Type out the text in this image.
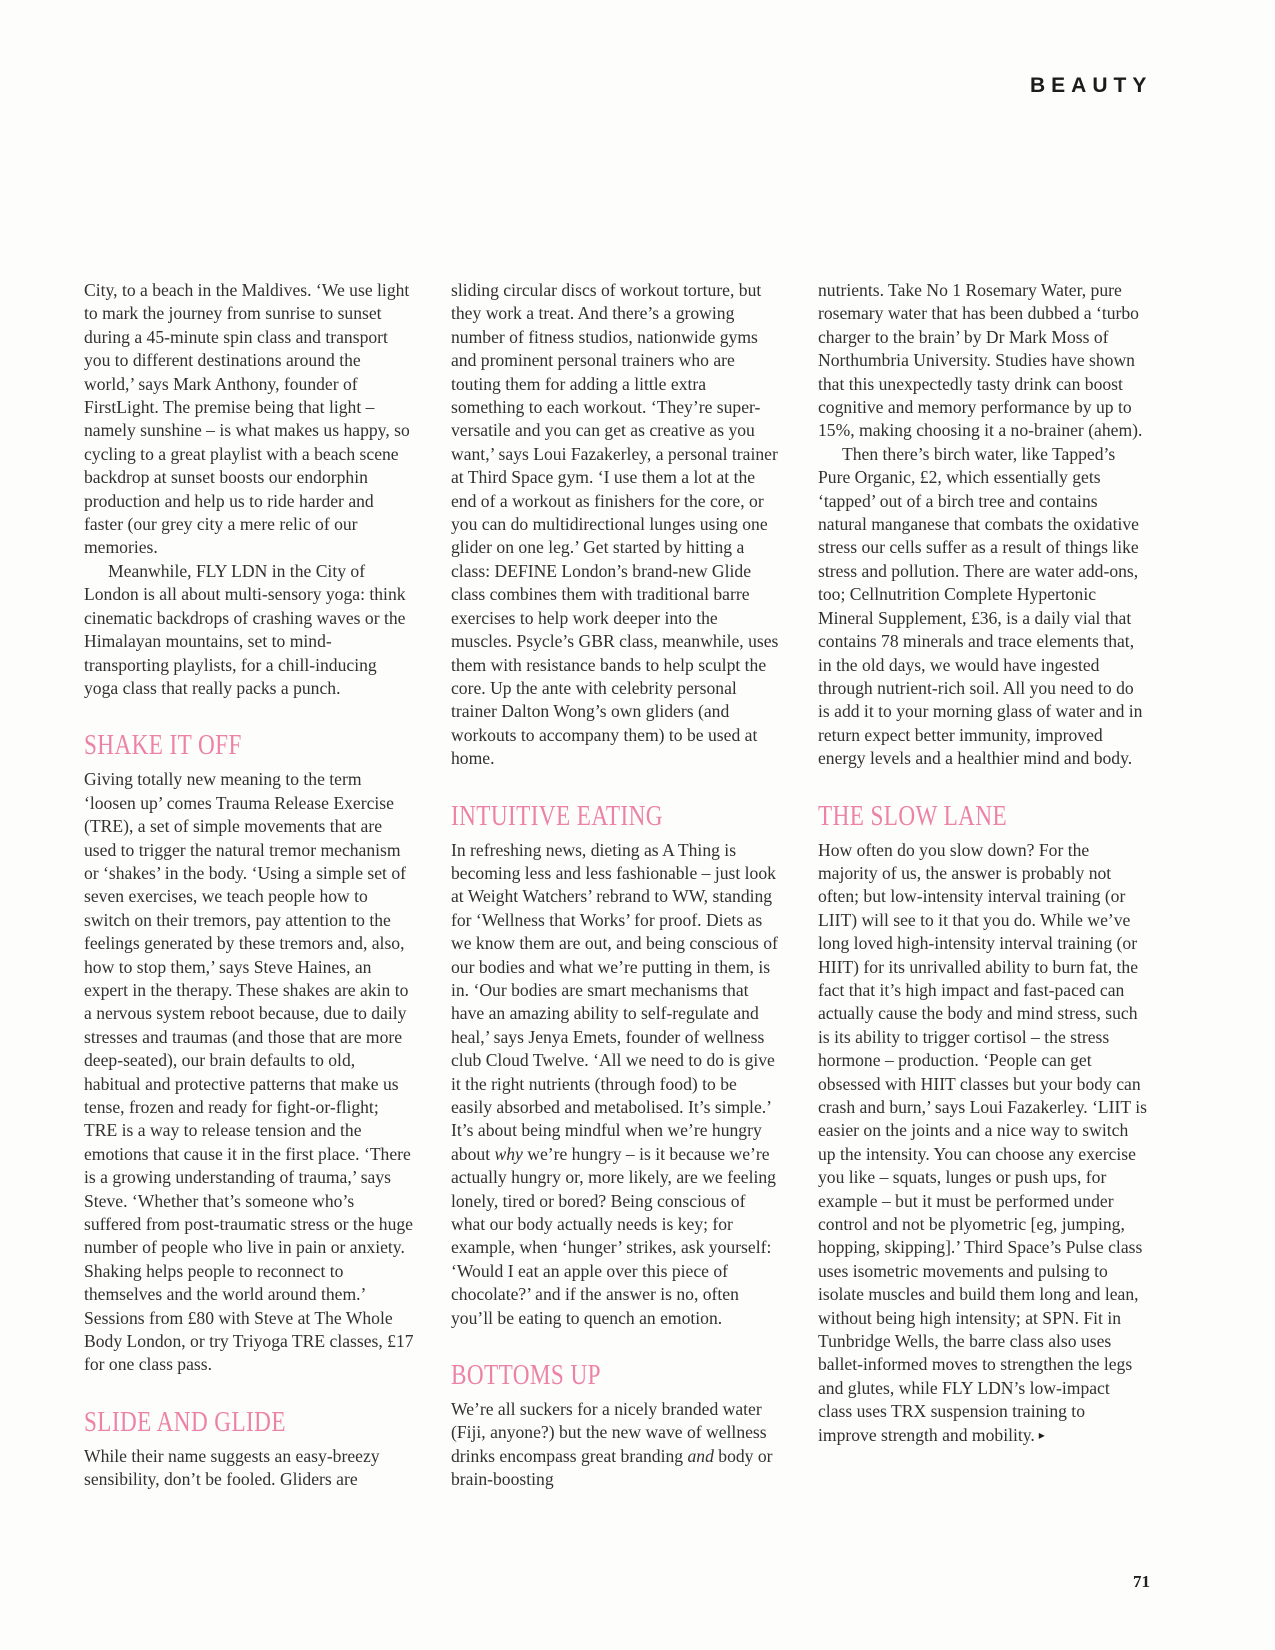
BEAUTY

City, to a beach in the Maldives. ‘We use light to mark the journey from sunrise to sunset during a 45-minute spin class and transport you to different destinations around the world,’ says Mark Anthony, founder of FirstLight. The premise being that light – namely sunshine – is what makes us happy, so cycling to a great playlist with a beach scene backdrop at sunset boosts our endorphin production and help us to ride harder and faster (our grey city a mere relic of our memories.

Meanwhile, FLY LDN in the City of London is all about multi-sensory yoga: think cinematic backdrops of crashing waves or the Himalayan mountains, set to mind-transporting playlists, for a chill-inducing yoga class that really packs a punch.

SHAKE IT OFF

Giving totally new meaning to the term ‘loosen up’ comes Trauma Release Exercise (TRE), a set of simple movements that are used to trigger the natural tremor mechanism or ‘shakes’ in the body. ‘Using a simple set of seven exercises, we teach people how to switch on their tremors, pay attention to the feelings generated by these tremors and, also, how to stop them,’ says Steve Haines, an expert in the therapy. These shakes are akin to a nervous system reboot because, due to daily stresses and traumas (and those that are more deep-seated), our brain defaults to old, habitual and protective patterns that make us tense, frozen and ready for fight-or-flight; TRE is a way to release tension and the emotions that cause it in the first place. ‘There is a growing understanding of trauma,’ says Steve. ‘Whether that’s someone who’s suffered from post-traumatic stress or the huge number of people who live in pain or anxiety. Shaking helps people to reconnect to themselves and the world around them.’ Sessions from £80 with Steve at The Whole Body London, or try Triyoga TRE classes, £17 for one class pass.

SLIDE AND GLIDE

While their name suggests an easy-breezy sensibility, don’t be fooled. Gliders are

sliding circular discs of workout torture, but they work a treat. And there’s a growing number of fitness studios, nationwide gyms and prominent personal trainers who are touting them for adding a little extra something to each workout. ‘They’re super-versatile and you can get as creative as you want,’ says Loui Fazakerley, a personal trainer at Third Space gym. ‘I use them a lot at the end of a workout as finishers for the core, or you can do multidirectional lunges using one glider on one leg.’ Get started by hitting a class: DEFINE London’s brand-new Glide class combines them with traditional barre exercises to help work deeper into the muscles. Psycle’s GBR class, meanwhile, uses them with resistance bands to help sculpt the core. Up the ante with celebrity personal trainer Dalton Wong’s own gliders (and workouts to accompany them) to be used at home.

INTUITIVE EATING

In refreshing news, dieting as A Thing is becoming less and less fashionable – just look at Weight Watchers’ rebrand to WW, standing for ‘Wellness that Works’ for proof. Diets as we know them are out, and being conscious of our bodies and what we’re putting in them, is in. ‘Our bodies are smart mechanisms that have an amazing ability to self-regulate and heal,’ says Jenya Emets, founder of wellness club Cloud Twelve. ‘All we need to do is give it the right nutrients (through food) to be easily absorbed and metabolised. It’s simple.’ It’s about being mindful when we’re hungry about why we’re hungry – is it because we’re actually hungry or, more likely, are we feeling lonely, tired or bored? Being conscious of what our body actually needs is key; for example, when ‘hunger’ strikes, ask yourself: ‘Would I eat an apple over this piece of chocolate?’ and if the answer is no, often you’ll be eating to quench an emotion.

BOTTOMS UP

We’re all suckers for a nicely branded water (Fiji, anyone?) but the new wave of wellness drinks encompass great branding and body or brain-boosting

nutrients. Take No 1 Rosemary Water, pure rosemary water that has been dubbed a ‘turbo charger to the brain’ by Dr Mark Moss of Northumbria University. Studies have shown that this unexpectedly tasty drink can boost cognitive and memory performance by up to 15%, making choosing it a no-brainer (ahem).

Then there’s birch water, like Tapped’s Pure Organic, £2, which essentially gets ‘tapped’ out of a birch tree and contains natural manganese that combats the oxidative stress our cells suffer as a result of things like stress and pollution. There are water add-ons, too; Cellnutrition Complete Hypertonic Mineral Supplement, £36, is a daily vial that contains 78 minerals and trace elements that, in the old days, we would have ingested through nutrient-rich soil. All you need to do is add it to your morning glass of water and in return expect better immunity, improved energy levels and a healthier mind and body.

THE SLOW LANE

How often do you slow down? For the majority of us, the answer is probably not often; but low-intensity interval training (or LIIT) will see to it that you do. While we’ve long loved high-intensity interval training (or HIIT) for its unrivalled ability to burn fat, the fact that it’s high impact and fast-paced can actually cause the body and mind stress, such is its ability to trigger cortisol – the stress hormone – production. ‘People can get obsessed with HIIT classes but your body can crash and burn,’ says Loui Fazakerley. ‘LIIT is easier on the joints and a nice way to switch up the intensity. You can choose any exercise you like – squats, lunges or push ups, for example – but it must be performed under control and not be plyometric [eg, jumping, hopping, skipping].’ Third Space’s Pulse class uses isometric movements and pulsing to isolate muscles and build them long and lean, without being high intensity; at SPN. Fit in Tunbridge Wells, the barre class also uses ballet-informed moves to strengthen the legs and glutes, while FLY LDN’s low-impact class uses TRX suspension training to improve strength and mobility. ▸

71
